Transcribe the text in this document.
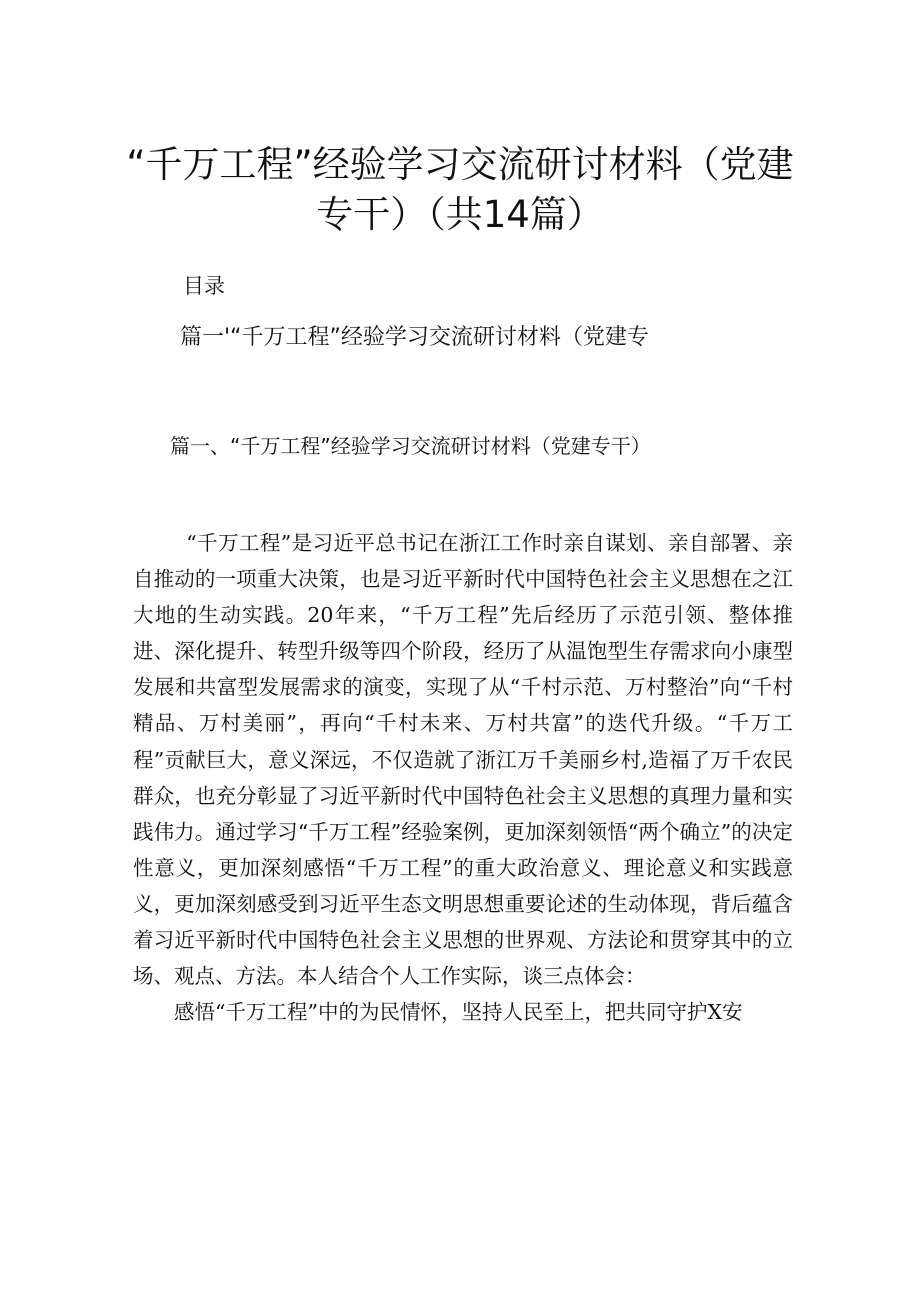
“千万工程”经验学习交流研讨材料（党建专干）（共14篇）
目录
篇一'“千万工程”经验学习交流研讨材料（党建专
篇一、“千万工程”经验学习交流研讨材料（党建专干）

“千万工程”是习近平总书记在浙江工作时亲自谋划、亲自部署、亲自推动的一项重大决策，也是习近平新时代中国特色社会主义思想在之江大地的生动实践。20年来，“千万工程”先后经历了示范引领、整体推进、深化提升、转型升级等四个阶段，经历了从温饱型生存需求向小康型发展和共富型发展需求的演变，实现了从“千村示范、万村整治”向“千村精品、万村美丽”，再向“千村未来、万村共富”的迭代升级。“千万工程”贡献巨大，意义深远，不仅造就了浙江万千美丽乡村,造福了万千农民群众，也充分彰显了习近平新时代中国特色社会主义思想的真理力量和实践伟力。通过学习“千万工程”经验案例，更加深刻领悟“两个确立”的决定性意义，更加深刻感悟“千万工程”的重大政治意义、理论意义和实践意义，更加深刻感受到习近平生态文明思想重要论述的生动体现，背后蕴含着习近平新时代中国特色社会主义思想的世界观、方法论和贯穿其中的立场、观点、方法。本人结合个人工作实际，谈三点体会：

感悟“千万工程”中的为民情怀，坚持人民至上，把共同守护X安
